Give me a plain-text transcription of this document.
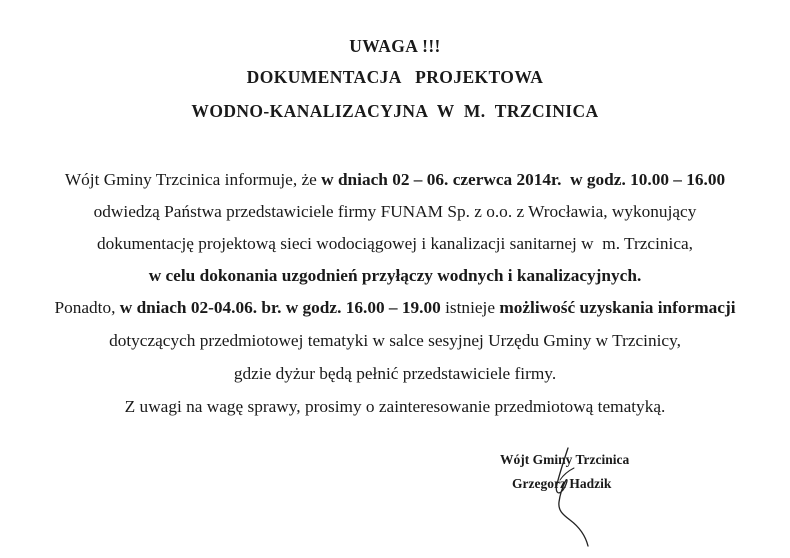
UWAGA !!!
DOKUMENTACJA   PROJEKTOWA
WODNO-KANALIZACYJNA  W  M.  TRZCINICA
Wójt Gminy Trzcinica informuje, że w dniach 02 – 06. czerwca 2014r.  w godz. 10.00 – 16.00
odwiedzą Państwa przedstawiciele firmy FUNAM Sp. z o.o. z Wrocławia, wykonujący
dokumentację projektową sieci wodociągowej i kanalizacji sanitarnej w  m. Trzcinica,
w celu dokonania uzgodnień przyłączy wodnych i kanalizacyjnych.
Ponadto, w dniach 02-04.06. br. w godz. 16.00 – 19.00 istnieje możliwość uzyskania informacji
dotyczących przedmiotowej tematyki w salce sesyjnej Urzędu Gminy w Trzcinicy,
gdzie dyżur będą pełnić przedstawiciele firmy.
Z uwagi na wagę sprawy, prosimy o zainteresowanie przedmiotową tematyką.
Wójt Gminy Trzcinica
Grzegorz Hadzik
